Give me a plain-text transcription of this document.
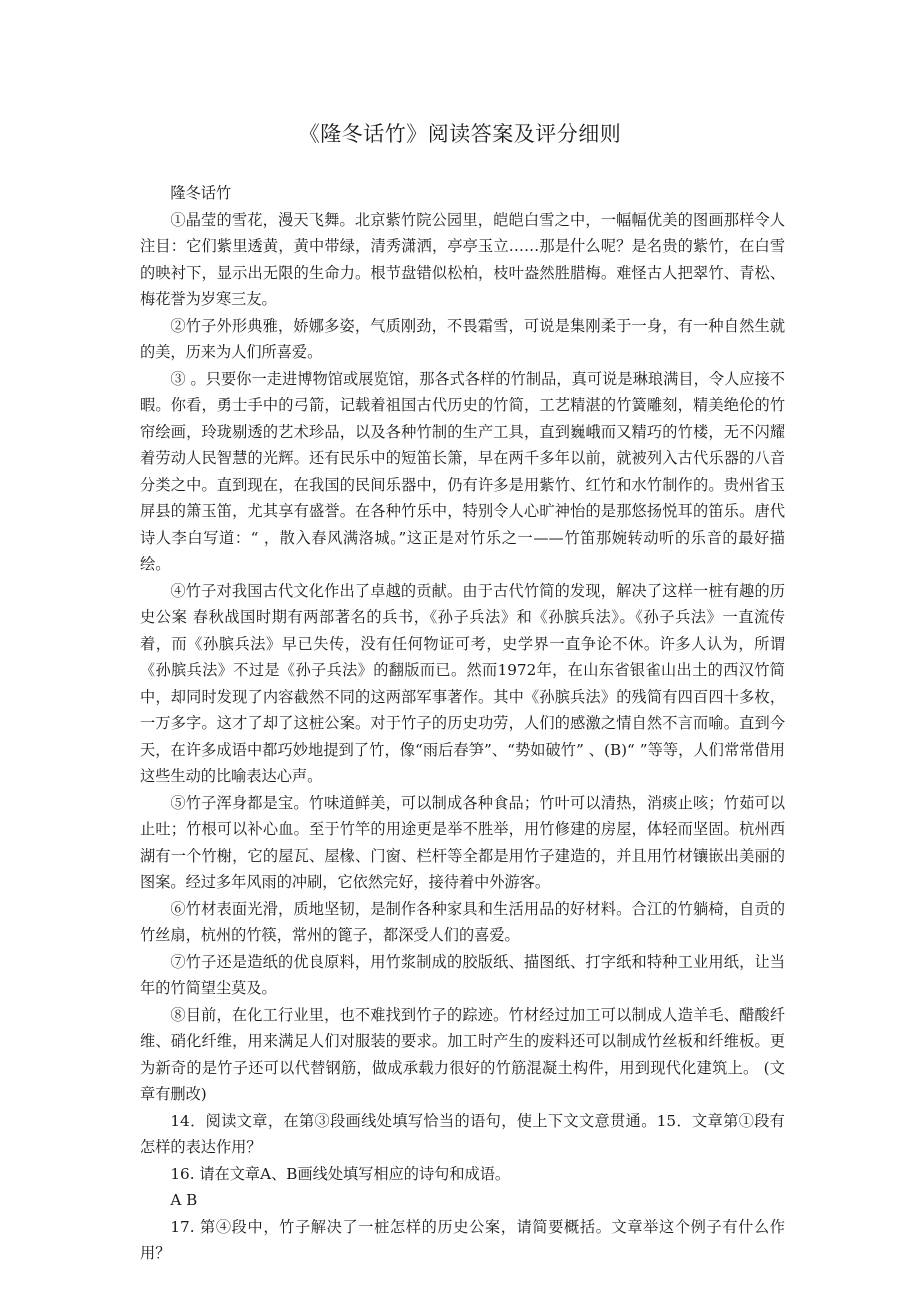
《隆冬话竹》阅读答案及评分细则

隆冬话竹

①晶莹的雪花，漫天飞舞。北京紫竹院公园里，皑皑白雪之中，一幅幅优美的图画那样令人注目：它们紫里透黄，黄中带绿，清秀潇洒，亭亭玉立……那是什么呢？是名贵的紫竹，在白雪的映衬下，显示出无限的生命力。根节盘错似松柏，枝叶盎然胜腊梅。难怪古人把翠竹、青松、梅花誉为岁寒三友。

②竹子外形典雅，娇娜多姿，气质刚劲，不畏霜雪，可说是集刚柔于一身，有一种自然生就的美，历来为人们所喜爱。

③ 。只要你一走进博物馆或展览馆，那各式各样的竹制品，真可说是琳琅满目，令人应接不暇。你看，勇士手中的弓箭，记载着祖国古代历史的竹简，工艺精湛的竹簧雕刻，精美绝伦的竹帘绘画，玲珑剔透的艺术珍品，以及各种竹制的生产工具，直到巍峨而又精巧的竹楼，无不闪耀着劳动人民智慧的光辉。还有民乐中的短笛长箫，早在两千多年以前，就被列入古代乐器的八音分类之中。直到现在，在我国的民间乐器中，仍有许多是用紫竹、红竹和水竹制作的。贵州省玉屏县的箫玉笛，尤其享有盛誉。在各种竹乐中，特别令人心旷神怡的是那悠扬悦耳的笛乐。唐代诗人李白写道：“ ，散入春风满洛城。”这正是对竹乐之一——竹笛那婉转动听的乐音的最好描绘。

④竹子对我国古代文化作出了卓越的贡献。由于古代竹简的发现，解决了这样一桩有趣的历史公案 春秋战国时期有两部著名的兵书，《孙子兵法》和《孙膑兵法》。《孙子兵法》一直流传着，而《孙膑兵法》早已失传，没有任何物证可考，史学界一直争论不休。许多人认为，所谓《孙膑兵法》不过是《孙子兵法》的翻版而已。然而1972年，在山东省银雀山出土的西汉竹简中，却同时发现了内容截然不同的这两部军事著作。其中《孙膑兵法》的残简有四百四十多枚，一万多字。这才了却了这桩公案。对于竹子的历史功劳，人们的感激之情自然不言而喻。直到今天，在许多成语中都巧妙地提到了竹，像“雨后春笋”、“势如破竹” 、(B)“ ”等等，人们常常借用这些生动的比喻表达心声。

⑤竹子浑身都是宝。竹味道鲜美，可以制成各种食品；竹叶可以清热，消痰止咳；竹茹可以止吐；竹根可以补心血。至于竹竿的用途更是举不胜举，用竹修建的房屋，体轻而坚固。杭州西湖有一个竹榭，它的屋瓦、屋椽、门窗、栏杆等全都是用竹子建造的，并且用竹材镶嵌出美丽的图案。经过多年风雨的冲刷，它依然完好，接待着中外游客。

⑥竹材表面光滑，质地坚韧，是制作各种家具和生活用品的好材料。合江的竹躺椅，自贡的竹丝扇，杭州的竹筷，常州的篦子，都深受人们的喜爱。

⑦竹子还是造纸的优良原料，用竹浆制成的胶版纸、描图纸、打字纸和特种工业用纸，让当年的竹简望尘莫及。

⑧目前，在化工行业里，也不难找到竹子的踪迹。竹材经过加工可以制成人造羊毛、醋酸纤维、硝化纤维，用来满足人们对服装的要求。加工时产生的废料还可以制成竹丝板和纤维板。更为新奇的是竹子还可以代替钢筋，做成承载力很好的竹筋混凝土构件，用到现代化建筑上。 (文章有删改)

14．阅读文章，在第③段画线处填写恰当的语句，使上下文文意贯通。15．文章第①段有怎样的表达作用？

16. 请在文章A、B画线处填写相应的诗句和成语。

A B

17. 第④段中，竹子解决了一桩怎样的历史公案，请简要概括。文章举这个例子有什么作用？
